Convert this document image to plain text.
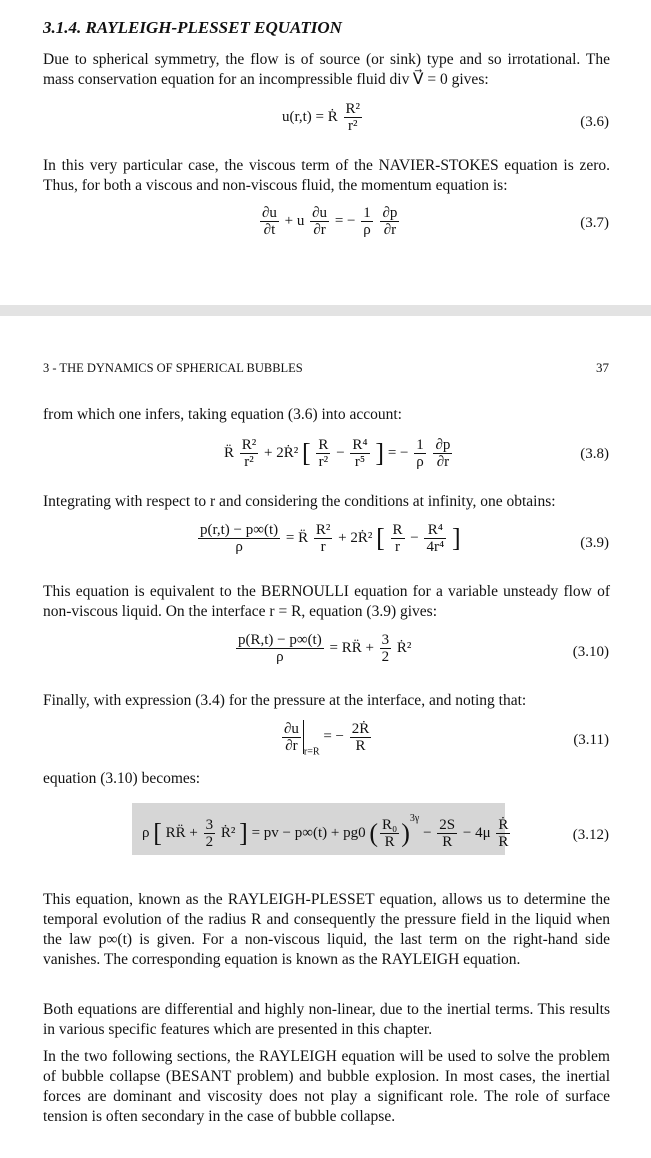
3.1.4. RAYLEIGH-PLESSET EQUATION
Due to spherical symmetry, the flow is of source (or sink) type and so irrotational. The mass conservation equation for an incompressible fluid div V⃗ = 0 gives:
u(r,t) = Ṙ $\frac{\text{R²}}{\text{r²}}$	(3.6)
In this very particular case, the viscous term of the NAVIER-STOKES equation is zero. Thus, for both a viscous and non-viscous fluid, the momentum equation is:
$\frac{\partial u}{\partial t} + u \frac{\partial u}{\partial r}$ = − $\frac{1}{\rho}$
$\frac{\partial p}{\partial r}$	(3.7)
3 - THE DYNAMICS OF SPHERICAL BUBBLES	37
from which one infers, taking equation (3.6) into account:
R̈ $\frac{\text{R²}}{\text{r²}}$ + 2Ṙ² [ $\frac{R}{\text{r²}} - \frac{\text{R⁴}}{\text{r⁵}}$ ] = − $\frac{1}{\rho}$
$\frac{\partial p}{\partial r}$	(3.8)
Integrating with respect to r and considering the conditions at infinity, one obtains:
$\frac{p(r,t) - p\infty(t)}{\rho}$ = R̈ $\frac{\text{R²}}{r}$ + 2Ṙ² [ $\frac{R}{r} - \frac{\text{R⁴}}{\text{4r⁴}}$ ]	(3.9)
This equation is equivalent to the BERNOULLI equation for a variable unsteady flow of non-viscous liquid. On the interface r = R, equation (3.9) gives:
$\frac{p(R,t) - p\infty(t)}{\rho}$ = RR̈ + $\frac{3}{2}$ Ṙ²	(3.10)
Finally, with expression (3.4) for the pressure at the interface, and noting that:
$\frac{\partial u}{\partial r} _{r=R}$ = − $\frac{\text{2Ṙ}}{R}$	(3.11)
equation (3.10) becomes:
ρ [ RR̈ + $\frac{3}{2}$ Ṙ² ] = pv − p∞(t) + pg0 ( $\frac{\text{R₀}}{R} )^{3\gamma} - \frac{2S}{R} - 4\mu \frac{\text{Ṙ}}{R}$	(3.12)
This equation, known as the RAYLEIGH-PLESSET equation, allows us to determine the temporal evolution of the radius R and consequently the pressure field in the liquid when the law p∞(t) is given. For a non-viscous liquid, the last term on the right-hand side vanishes. The corresponding equation is known as the RAYLEIGH equation.
Both equations are differential and highly non-linear, due to the inertial terms. This results in various specific features which are presented in this chapter.
In the two following sections, the RAYLEIGH equation will be used to solve the problem of bubble collapse (BESANT problem) and bubble explosion. In most cases, the inertial forces are dominant and viscosity does not play a significant role. The role of surface tension is often secondary in the case of bubble collapse.
